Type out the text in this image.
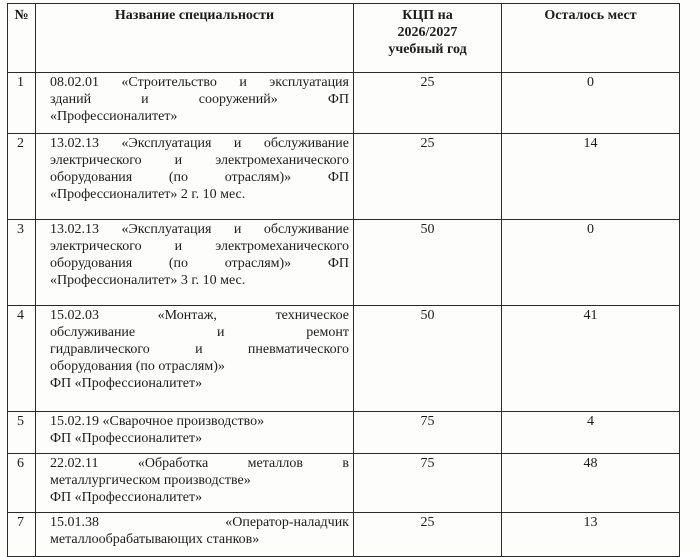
№	Название специальности	КЦП на
2026/2027
учебный год	Осталось мест
1	08.02.01 «Строительство и эксплуатация
зданий и сооружений» ФП
«Профессионалитет»	25	0
2	13.02.13 «Эксплуатация и обслуживание
электрического и электромеханического
оборудования (по отраслям)» ФП
«Профессионалитет» 2 г. 10 мес.	25	14
3	13.02.13 «Эксплуатация и обслуживание
электрического и электромеханического
оборудования (по отраслям)» ФП
«Профессионалитет» 3 г. 10 мес.	50	0
4	15.02.03 «Монтаж, техническое
обслуживание и ремонт
гидравлического и пневматического
оборудования (по отраслям)»
ФП «Профессионалитет»	50	41
5	15.02.19 «Сварочное производство»
ФП «Профессионалитет»	75	4
6	22.02.11 «Обработка металлов в
металлургическом производстве»
ФП «Профессионалитет»	75	48
7	15.01.38 «Оператор-наладчик
металлообрабатывающих станков»	25	13
